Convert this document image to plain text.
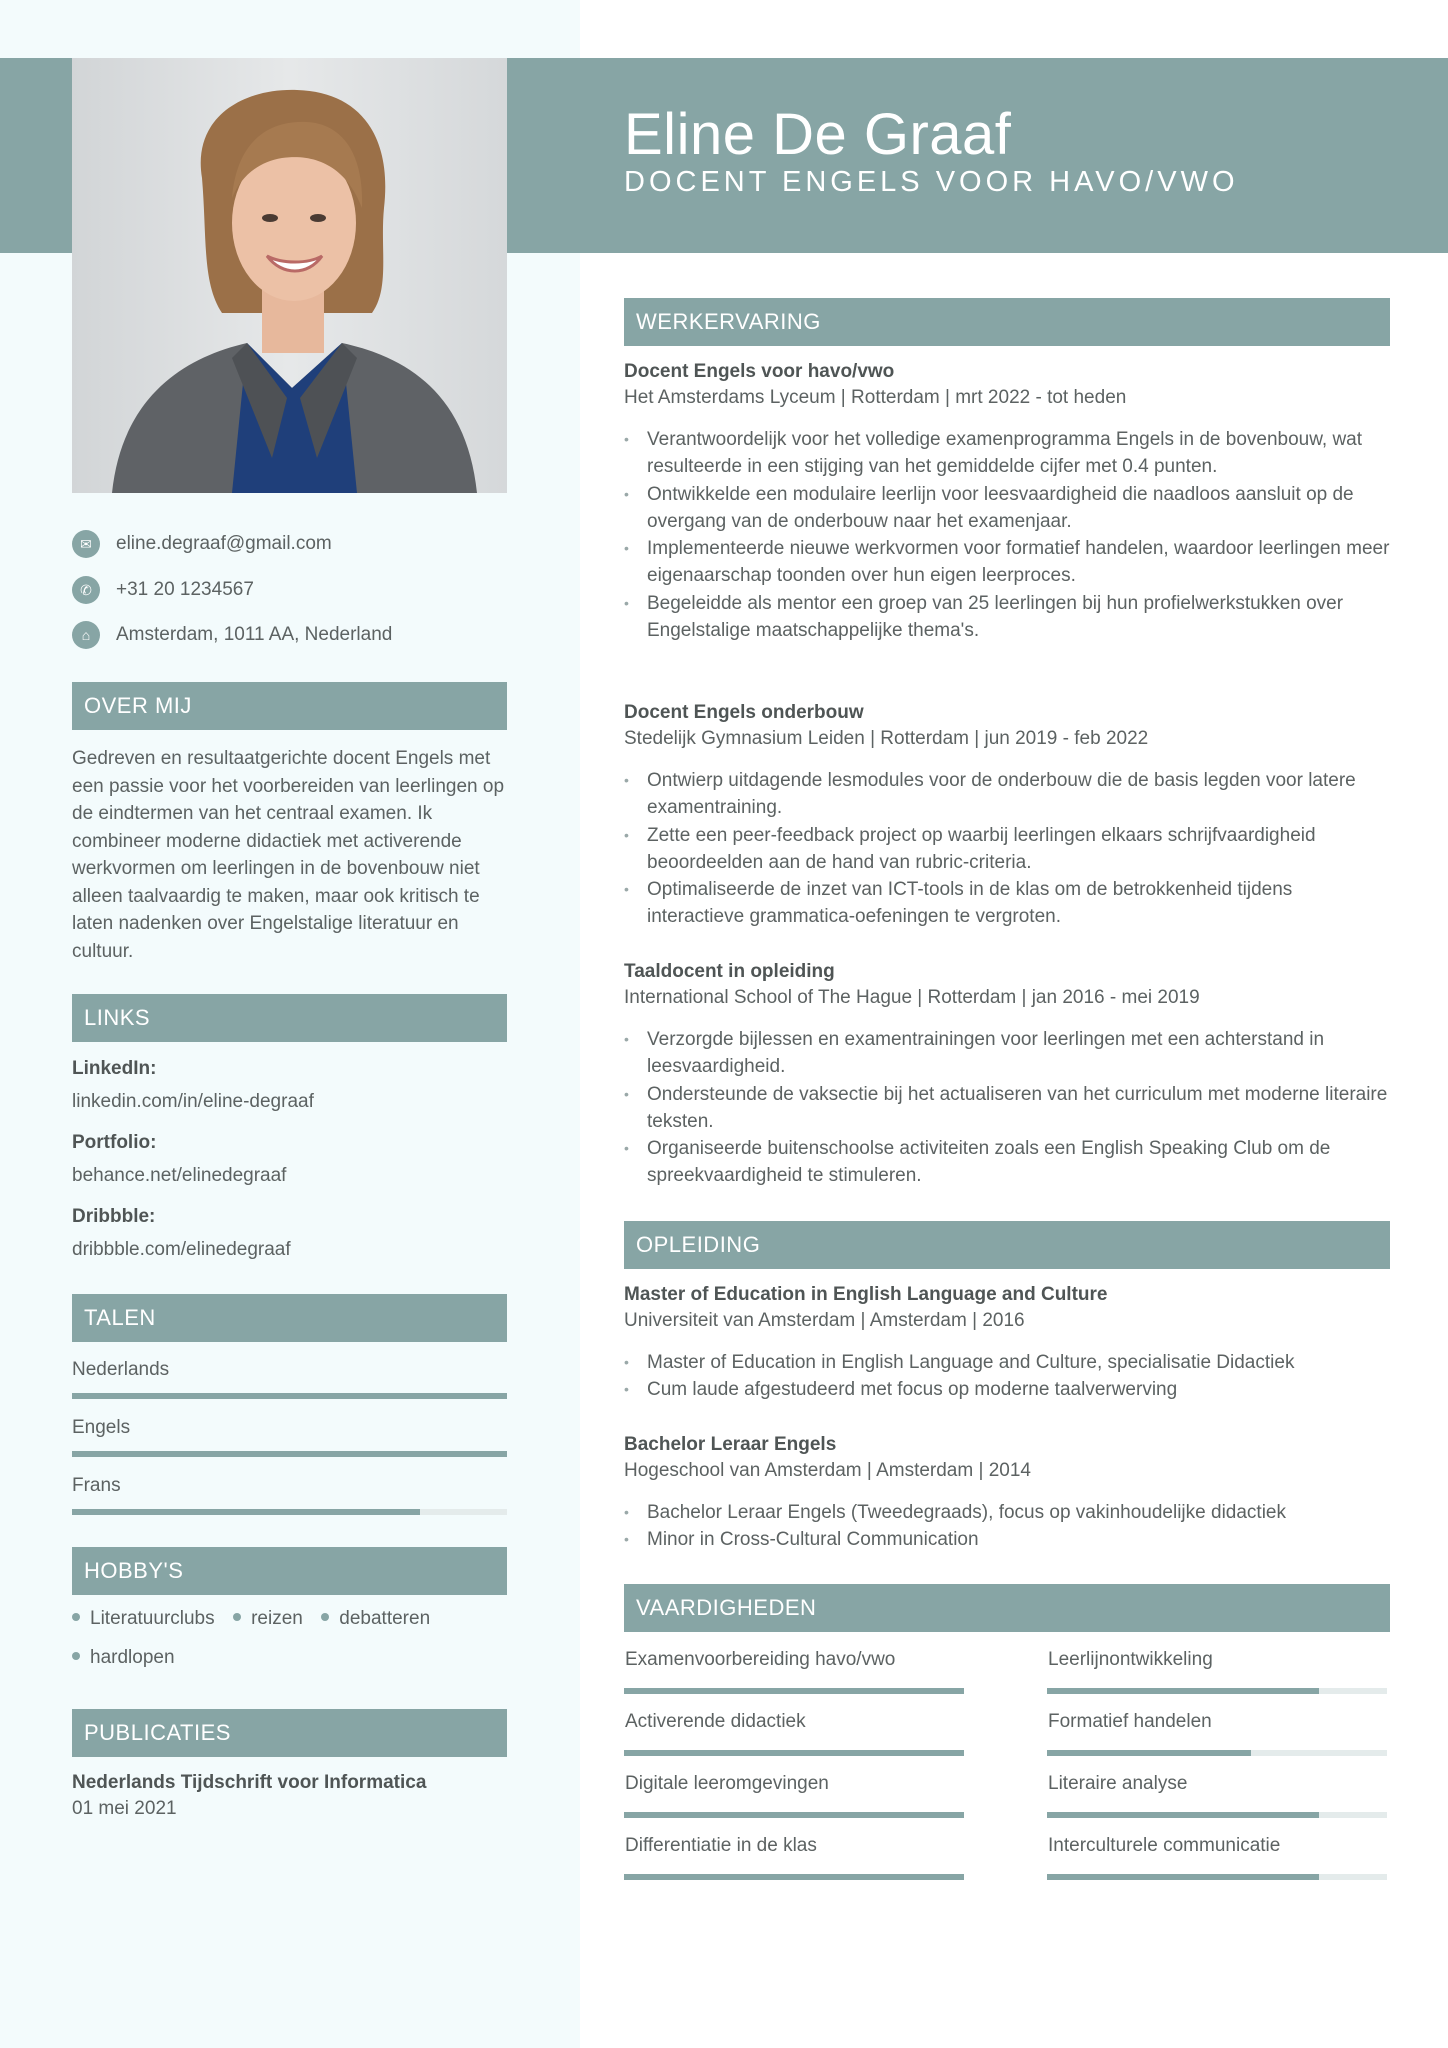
Eline De Graaf
DOCENT ENGELS VOOR HAVO/VWO
✉	eline.degraaf@gmail.com
✆	+31 20 1234567
⌂	Amsterdam, 1011 AA, Nederland
OVER MIJ
Gedreven en resultaatgerichte docent Engels met een passie voor het voorbereiden van leerlingen op de eindtermen van het centraal examen. Ik combineer moderne didactiek met activerende werkvormen om leerlingen in de bovenbouw niet alleen taalvaardig te maken, maar ook kritisch te laten nadenken over Engelstalige literatuur en cultuur.
LINKS
LinkedIn:
linkedin.com/in/eline-degraaf
Portfolio:
behance.net/elinedegraaf
Dribbble:
dribbble.com/elinedegraaf
TALEN
Nederlands
Engels
Frans
HOBBY'S
Literatuurclubs reizen debatteren
hardlopen
PUBLICATIES
Nederlands Tijdschrift voor Informatica
01 mei 2021
WERKERVARING
Docent Engels voor havo/vwo
Het Amsterdams Lyceum | Rotterdam | mrt 2022 - tot heden
• Verantwoordelijk voor het volledige examenprogramma Engels in de bovenbouw, wat resulteerde in een stijging van het gemiddelde cijfer met 0.4 punten.
• Ontwikkelde een modulaire leerlijn voor leesvaardigheid die naadloos aansluit op de overgang van de onderbouw naar het examenjaar.
• Implementeerde nieuwe werkvormen voor formatief handelen, waardoor leerlingen meer eigenaarschap toonden over hun eigen leerproces.
• Begeleidde als mentor een groep van 25 leerlingen bij hun profielwerkstukken over Engelstalige maatschappelijke thema's.
Docent Engels onderbouw
Stedelijk Gymnasium Leiden | Rotterdam | jun 2019 - feb 2022
• Ontwierp uitdagende lesmodules voor de onderbouw die de basis legden voor latere examentraining.
• Zette een peer-feedback project op waarbij leerlingen elkaars schrijfvaardigheid beoordeelden aan de hand van rubric-criteria.
• Optimaliseerde de inzet van ICT-tools in de klas om de betrokkenheid tijdens interactieve grammatica-oefeningen te vergroten.
Taaldocent in opleiding
International School of The Hague | Rotterdam | jan 2016 - mei 2019
• Verzorgde bijlessen en examentrainingen voor leerlingen met een achterstand in leesvaardigheid.
• Ondersteunde de vaksectie bij het actualiseren van het curriculum met moderne literaire teksten.
• Organiseerde buitenschoolse activiteiten zoals een English Speaking Club om de spreekvaardigheid te stimuleren.
OPLEIDING
Master of Education in English Language and Culture
Universiteit van Amsterdam | Amsterdam | 2016
• Master of Education in English Language and Culture, specialisatie Didactiek
• Cum laude afgestudeerd met focus op moderne taalverwerving
Bachelor Leraar Engels
Hogeschool van Amsterdam | Amsterdam | 2014
• Bachelor Leraar Engels (Tweedegraads), focus op vakinhoudelijke didactiek
• Minor in Cross-Cultural Communication
VAARDIGHEDEN
Examenvoorbereiding havo/vwo	Leerlijnontwikkeling
Activerende didactiek	Formatief handelen
Digitale leeromgevingen	Literaire analyse
Differentiatie in de klas	Interculturele communicatie
